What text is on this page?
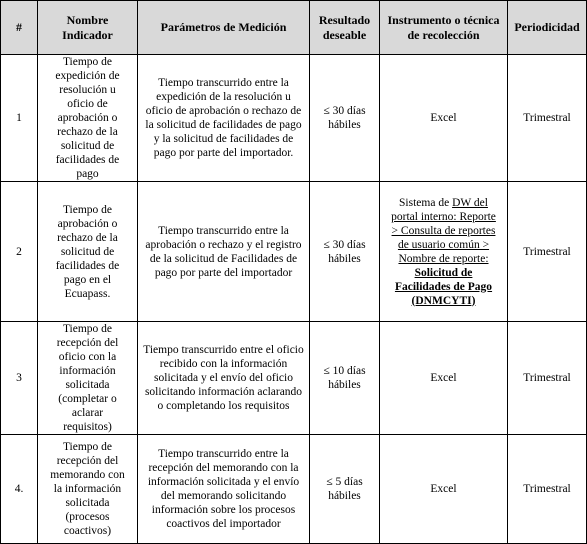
#	Nombre Indicador	Parámetros de Medición	Resultado deseable	Instrumento o técnica de recolección	Periodicidad
1	Tiempo de expedición de resolución u oficio de aprobación o rechazo de la solicitud de facilidades de pago	Tiempo transcurrido entre la expedición de la resolución u oficio de aprobación o rechazo de la solicitud de facilidades de pago y la solicitud de facilidades de pago por parte del importador.	≤ 30 días hábiles	Excel	Trimestral
2	Tiempo de aprobación o rechazo de la solicitud de facilidades de pago en el Ecuapass.	Tiempo transcurrido entre la aprobación o rechazo y el registro de la solicitud de Facilidades de pago por parte del importador	≤ 30 días hábiles	Sistema de DW del portal interno: Reporte > Consulta de reportes de usuario común > Nombre de reporte: Solicitud de Facilidades de Pago (DNMCYTI)	Trimestral
3	Tiempo de recepción del oficio con la información solicitada (completar o aclarar requisitos)	Tiempo transcurrido entre el oficio recibido con la información solicitada y el envío del oficio solicitando información aclarando o completando los requisitos	≤ 10 días hábiles	Excel	Trimestral
4.	Tiempo de recepción del memorando con la información solicitada (procesos coactivos)	Tiempo transcurrido entre la recepción del memorando con la información solicitada y el envío del memorando solicitando información sobre los procesos coactivos del importador	≤ 5 días hábiles	Excel	Trimestral
